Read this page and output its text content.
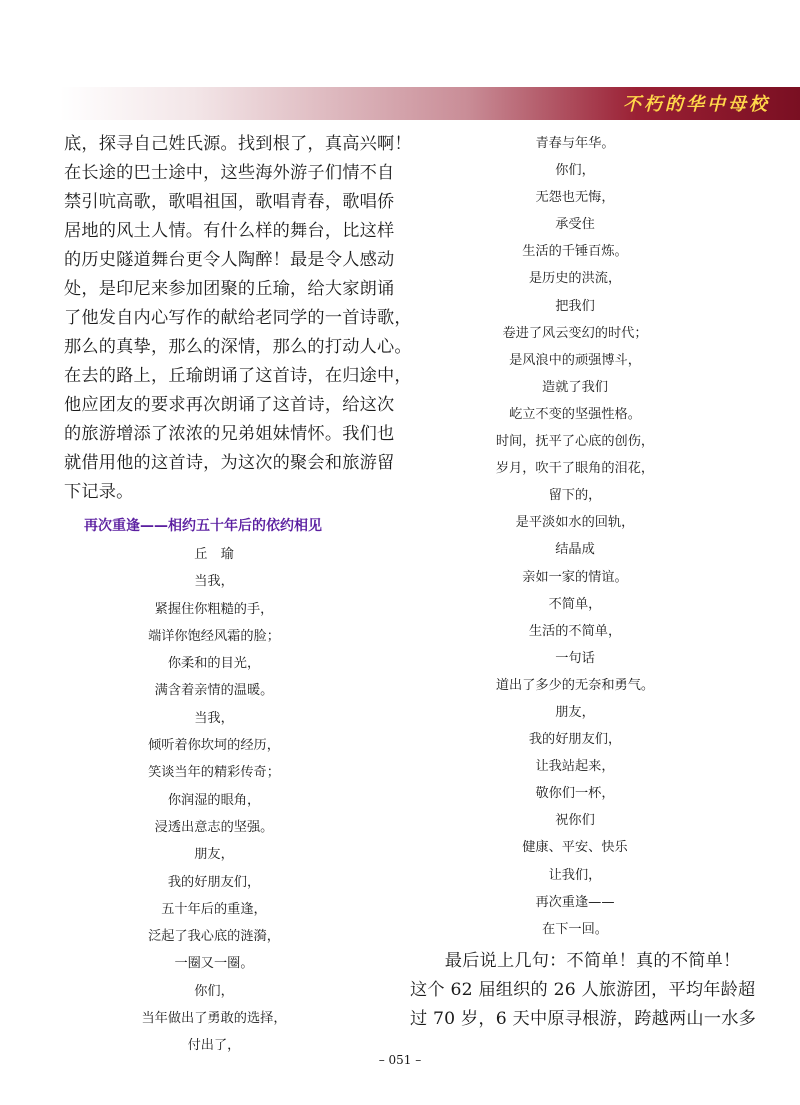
不朽的华中母校

底，探寻自己姓氏源。找到根了，真高兴啊！

在长途的巴士途中，这些海外游子们情不自

禁引吭高歌，歌唱祖国，歌唱青春，歌唱侨

居地的风土人情。有什么样的舞台，比这样

的历史隧道舞台更令人陶醉！最是令人感动

处，是印尼来参加团聚的丘瑜，给大家朗诵

了他发自内心写作的献给老同学的一首诗歌，

那么的真挚，那么的深情，那么的打动人心。

在去的路上，丘瑜朗诵了这首诗，在归途中，

他应团友的要求再次朗诵了这首诗，给这次

的旅游增添了浓浓的兄弟姐妹情怀。我们也

就借用他的这首诗，为这次的聚会和旅游留

下记录。

再次重逢——相约五十年后的依约相见
丘　瑜
当我，
紧握住你粗糙的手，
端详你饱经风霜的脸；
你柔和的目光，
满含着亲情的温暖。
当我，
倾听着你坎坷的经历，
笑谈当年的精彩传奇；
你润湿的眼角，
浸透出意志的坚强。
朋友，
我的好朋友们，
五十年后的重逢，
泛起了我心底的涟漪，
一圈又一圈。
你们，
当年做出了勇敢的选择，
付出了，
青春与年华。
你们，
无怨也无悔，
承受住
生活的千锤百炼。
是历史的洪流，
把我们
卷进了风云变幻的时代；
是风浪中的顽强博斗，
造就了我们
屹立不变的坚强性格。
时间，抚平了心底的创伤，
岁月，吹干了眼角的泪花，
留下的，
是平淡如水的回轨，
结晶成
亲如一家的情谊。
不简单，
生活的不简单，
一句话
道出了多少的无奈和勇气。
朋友，
我的好朋友们，
让我站起来，
敬你们一杯，
祝你们
健康、平安、快乐
让我们，
再次重逢——
在下一回。

　　最后说上几句：不简单！真的不简单！

这个 62 届组织的 26 人旅游团，平均年龄超

过 70 岁，6 天中原寻根游，跨越两山一水多

– 051 –
